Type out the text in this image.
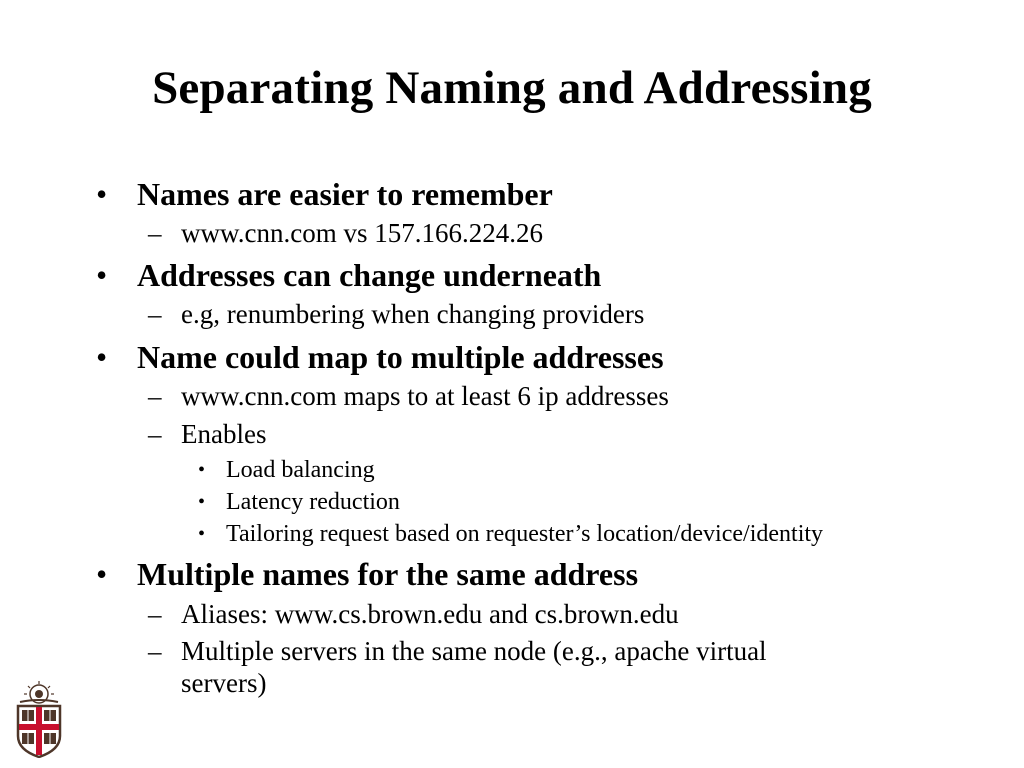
Separating Naming and Addressing
• Names are easier to remember
– www.cnn.com vs 157.166.224.26
• Addresses can change underneath
– e.g, renumbering when changing providers
• Name could map to multiple addresses
– www.cnn.com maps to at least 6 ip addresses
– Enables
• Load balancing
• Latency reduction
• Tailoring request based on requester’s location/device/identity
• Multiple names for the same address
– Aliases: www.cs.brown.edu and cs.brown.edu
– Multiple servers in the same node (e.g., apache virtual
servers)
